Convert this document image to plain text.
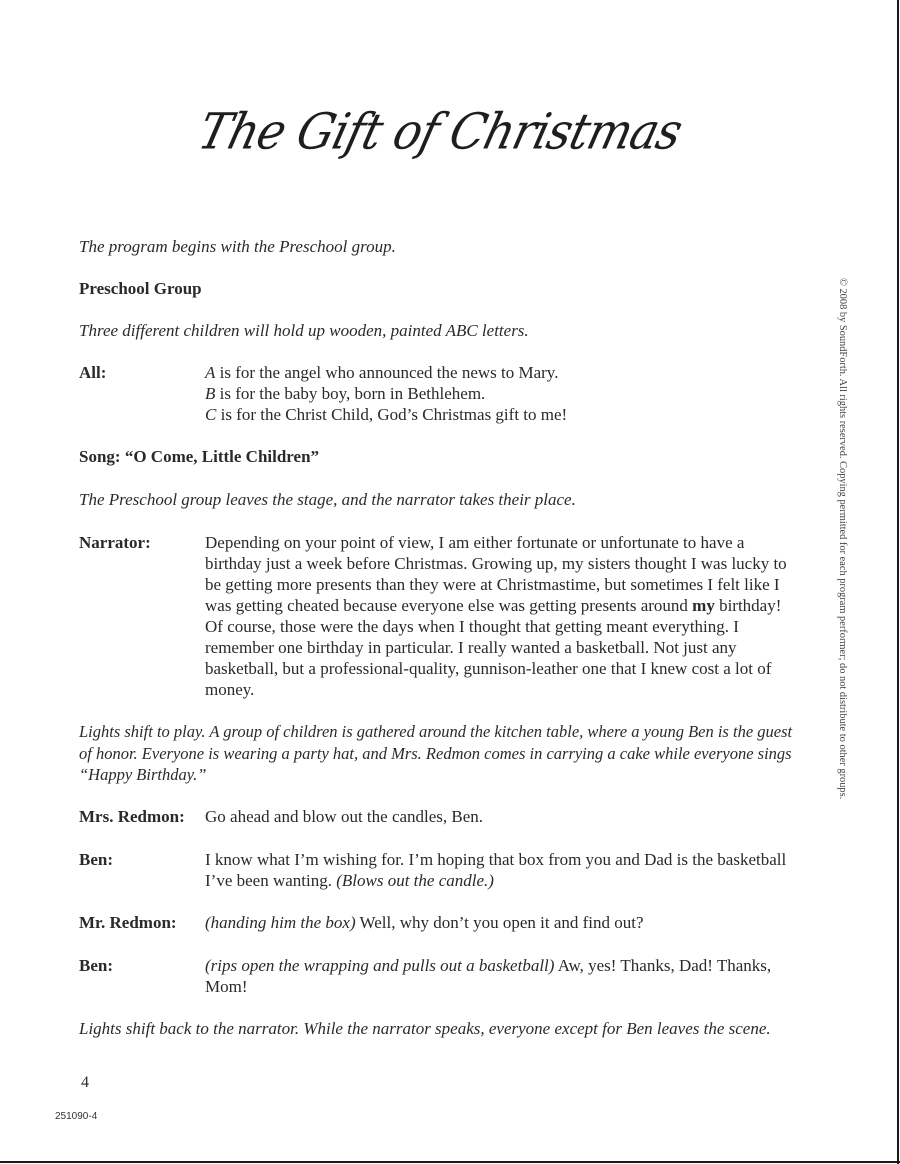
The Gift of Christmas

The program begins with the Preschool group.

Preschool Group

Three different children will hold up wooden, painted ABC letters.

All:	A is for the angel who announced the news to Mary.

B is for the baby boy, born in Bethlehem.

C is for the Christ Child, God’s Christmas gift to me!

Song: “O Come, Little Children”

The Preschool group leaves the stage, and the narrator takes their place.

Narrator:	Depending on your point of view, I am either fortunate or unfortunate to have a birthday just a week before Christmas. Growing up, my sisters thought I was lucky to be getting more presents than they were at Christmastime, but sometimes I felt like I was getting cheated because everyone else was getting presents around my birthday! Of course, those were the days when I thought that getting meant everything. I remember one birthday in particular. I really wanted a basketball. Not just any basketball, but a professional-quality, gunnison-leather one that I knew cost a lot of money.

Lights shift to play. A group of children is gathered around the kitchen table, where a young Ben is the guest of honor. Everyone is wearing a party hat, and Mrs. Redmon comes in carrying a cake while everyone sings “Happy Birthday.”

Mrs. Redmon: Go ahead and blow out the candles, Ben.

Ben:	I know what I’m wishing for. I’m hoping that box from you and Dad is the basketball I’ve been wanting. (Blows out the candle.)

Mr. Redmon: (handing him the box) Well, why don’t you open it and find out?

Ben:	(rips open the wrapping and pulls out a basketball) Aw, yes! Thanks, Dad! Thanks, Mom!

Lights shift back to the narrator. While the narrator speaks, everyone except for Ben leaves the scene.

© 2008 by SoundForth. All rights reserved. Copying permitted for each program performer; do not distribute to other groups.
4
251090-4
